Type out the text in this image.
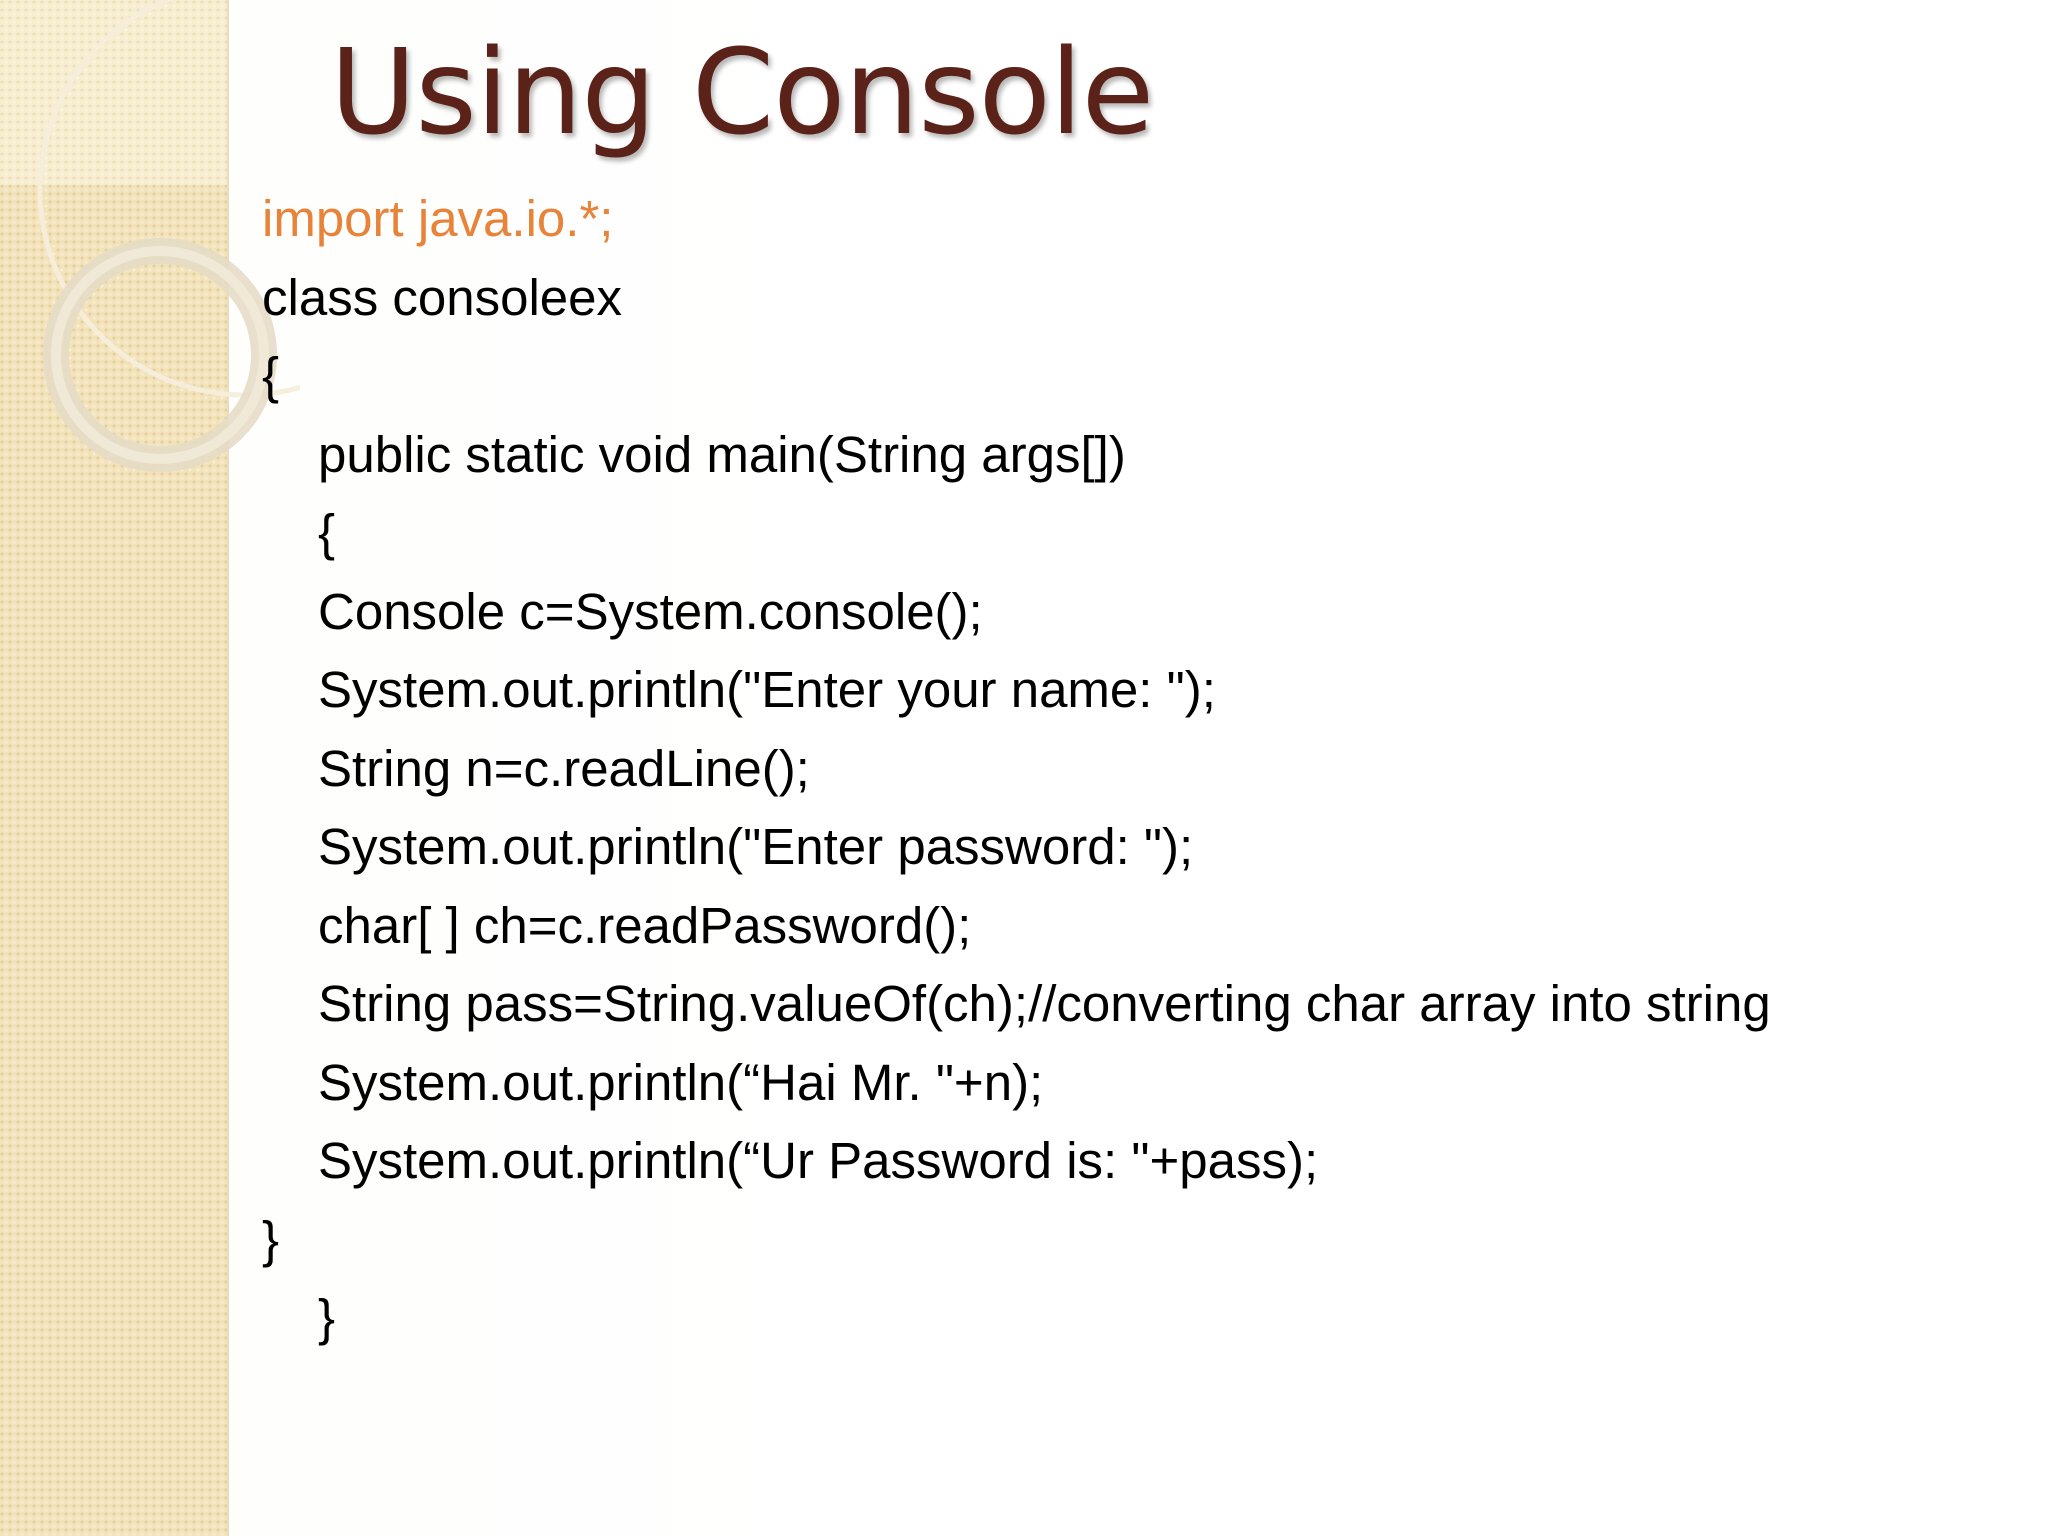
Using Console
import java.io.*;
class consoleex
{
public static void main(String args[])
{
Console c=System.console();
System.out.println("Enter your name: ");
String n=c.readLine();
System.out.println("Enter password: ");
char[ ] ch=c.readPassword();
String pass=String.valueOf(ch);//converting char array into string
System.out.println(“Hai Mr. "+n);
System.out.println(“Ur Password is: "+pass);
}
}
